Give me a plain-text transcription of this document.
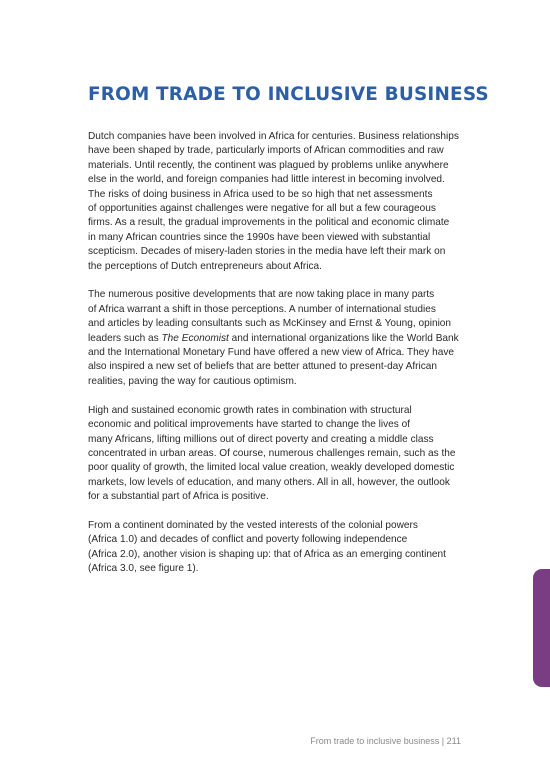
FROM TRADE TO INCLUSIVE BUSINESS

Dutch companies have been involved in Africa for centuries. Business relationships
have been shaped by trade, particularly imports of African commodities and raw
materials. Until recently, the continent was plagued by problems unlike anywhere
else in the world, and foreign companies had little interest in becoming involved.
The risks of doing business in Africa used to be so high that net assessments
of opportunities against challenges were negative for all but a few courageous
firms. As a result, the gradual improvements in the political and economic climate
in many African countries since the 1990s have been viewed with substantial
scepticism. Decades of misery-laden stories in the media have left their mark on
the perceptions of Dutch entrepreneurs about Africa.

The numerous positive developments that are now taking place in many parts
of Africa warrant a shift in those perceptions. A number of international studies
and articles by leading consultants such as McKinsey and Ernst & Young, opinion
leaders such as The Economist and international organizations like the World Bank
and the International Monetary Fund have offered a new view of Africa. They have
also inspired a new set of beliefs that are better attuned to present-day African
realities, paving the way for cautious optimism.

High and sustained economic growth rates in combination with structural
economic and political improvements have started to change the lives of
many Africans, lifting millions out of direct poverty and creating a middle class
concentrated in urban areas. Of course, numerous challenges remain, such as the
poor quality of growth, the limited local value creation, weakly developed domestic
markets, low levels of education, and many others. All in all, however, the outlook
for a substantial part of Africa is positive.

From a continent dominated by the vested interests of the colonial powers
(Africa 1.0) and decades of conflict and poverty following independence
(Africa 2.0), another vision is shaping up: that of Africa as an emerging continent
(Africa 3.0, see figure 1).

From trade to inclusive business | 211
